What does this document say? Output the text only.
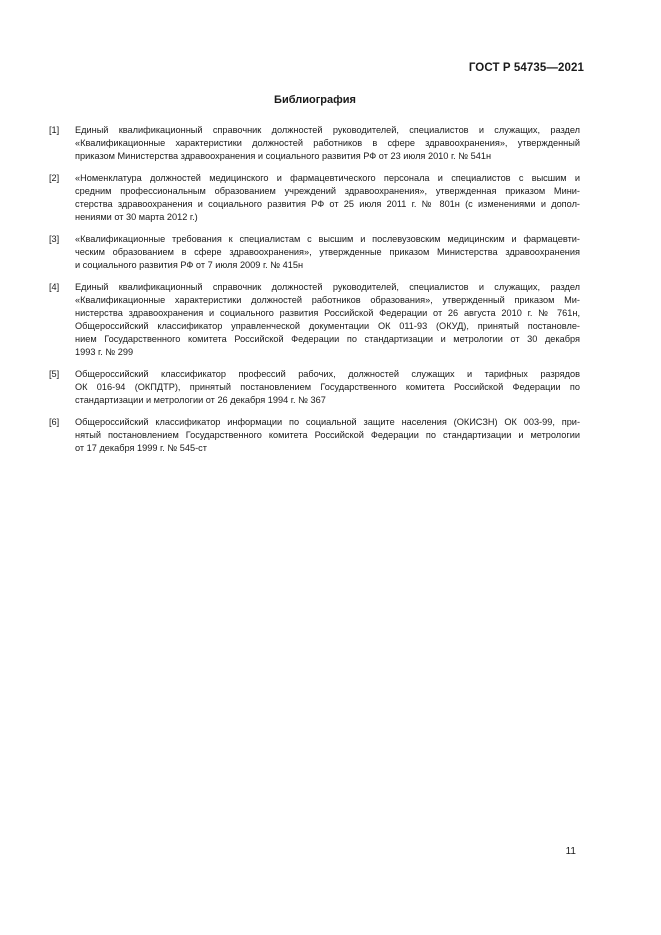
ГОСТ Р 54735—2021
Библиография
[1]	Единый квалификационный справочник должностей руководителей, специалистов и служащих, раздел
«Квалификационные характеристики должностей работников в сфере здравоохранения», утвержденный
приказом Министерства здравоохранения и социального развития РФ от 23 июля 2010 г. № 541н
[2]	«Номенклатура должностей медицинского и фармацевтического персонала и специалистов с высшим и
средним профессиональным образованием учреждений здравоохранения», утвержденная приказом Мини-
стерства здравоохранения и социального развития РФ от 25 июля 2011 г. № 801н (с изменениями и допол-
нениями от 30 марта 2012 г.)
[3]	«Квалификационные требования к специалистам с высшим и послевузовским медицинским и фармацевти-
ческим образованием в сфере здравоохранения», утвержденные приказом Министерства здравоохранения
и социального развития РФ от 7 июля 2009 г. № 415н
[4]	Единый квалификационный справочник должностей руководителей, специалистов и служащих, раздел
«Квалификационные характеристики должностей работников образования», утвержденный приказом Ми-
нистерства здравоохранения и социального развития Российской Федерации от 26 августа 2010 г. № 761н,
Общероссийский классификатор управленческой документации ОК 011-93 (ОКУД), принятый постановле-
нием Государственного комитета Российской Федерации по стандартизации и метрологии от 30 декабря
1993 г. № 299
[5]	Общероссийский классификатор профессий рабочих, должностей служащих и тарифных разрядов
ОК 016-94 (ОКПДТР), принятый постановлением Государственного комитета Российской Федерации по
стандартизации и метрологии от 26 декабря 1994 г. № 367
[6]	Общероссийский классификатор информации по социальной защите населения (ОКИСЗН) ОК 003-99, при-
нятый постановлением Государственного комитета Российской Федерации по стандартизации и метрологии
от 17 декабря 1999 г. № 545-ст
11
